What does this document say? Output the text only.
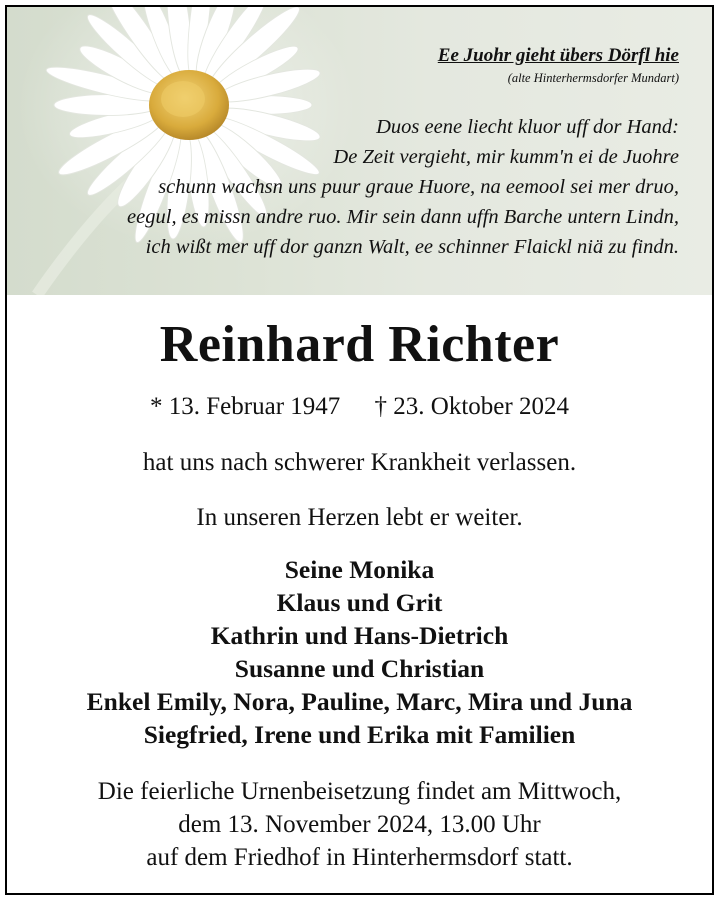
Ee Juohr gieht übers Dörfl hie
(alte Hinterhermsdorfer Mundart)
Duos eene liecht kluor uff dor Hand:
De Zeit vergieht, mir kumm'n ei de Juohre
schunn wachsn uns puur graue Huore, na eemool sei mer druo,
eegul, es missn andre ruo. Mir sein dann uffn Barche untern Lindn,
ich wißt mer uff dor ganzn Walt, ee schinner Flaickl niä zu findn.
Reinhard Richter
* 13. Februar 1947 † 23. Oktober 2024
hat uns nach schwerer Krankheit verlassen.
In unseren Herzen lebt er weiter.
Seine Monika
Klaus und Grit
Kathrin und Hans-Dietrich
Susanne und Christian
Enkel Emily, Nora, Pauline, Marc, Mira und Juna
Siegfried, Irene und Erika mit Familien
Die feierliche Urnenbeisetzung findet am Mittwoch,
dem 13. November 2024, 13.00 Uhr
auf dem Friedhof in Hinterhermsdorf statt.
